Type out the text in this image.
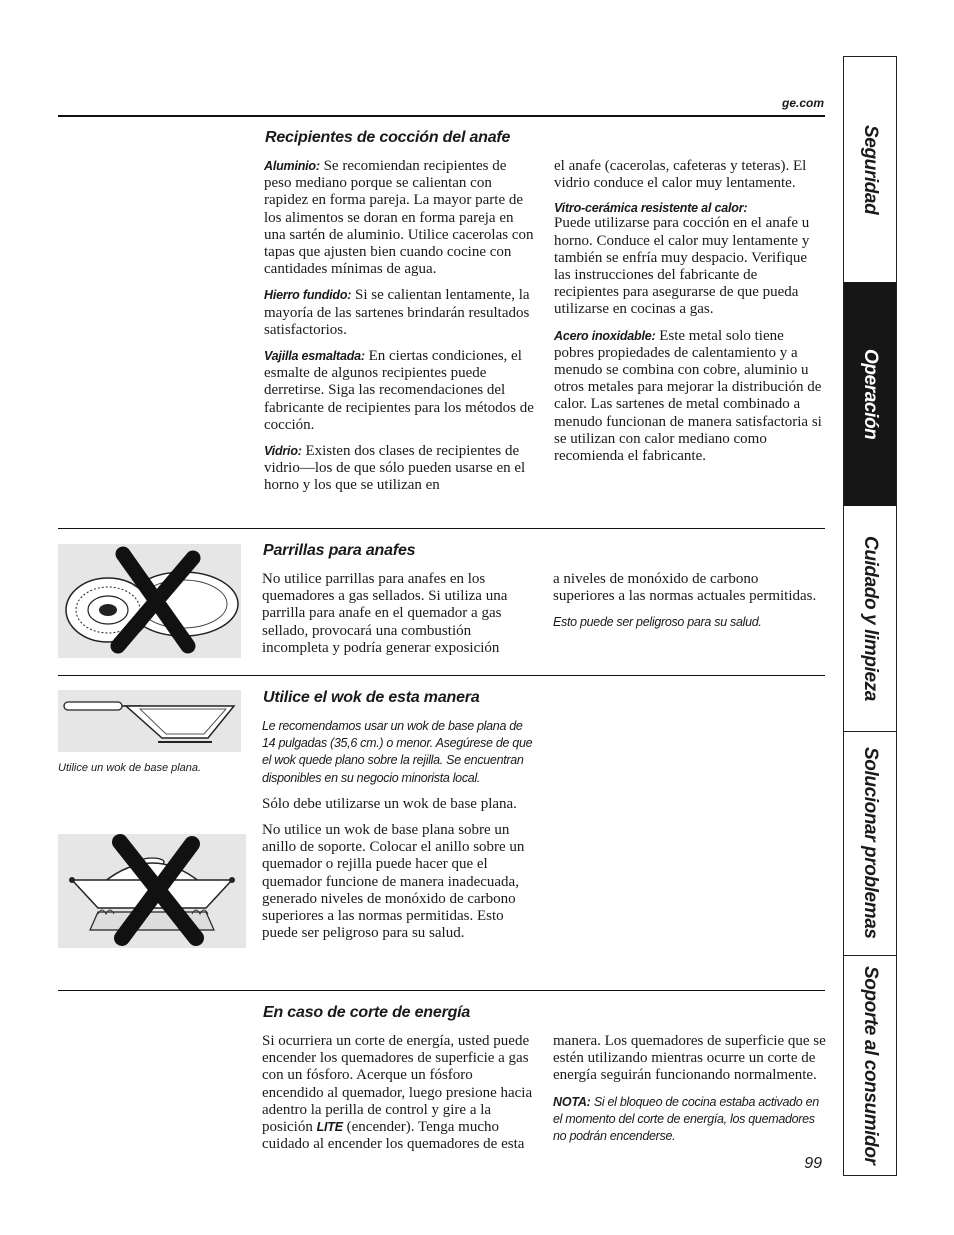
ge.com
Recipientes de cocción del anafe

Aluminio: Se recomiendan recipientes de peso mediano porque se calientan con rapidez en forma pareja. La mayor parte de los alimentos se doran en forma pareja en una sartén de aluminio. Utilice cacerolas con tapas que ajusten bien cuando cocine con cantidades mínimas de agua.

Hierro fundido: Si se calientan lentamente, la mayoría de las sartenes brindarán resultados satisfactorios.

Vajilla esmaltada: En ciertas condiciones, el esmalte de algunos recipientes puede derretirse. Siga las recomendaciones del fabricante de recipientes para los métodos de cocción.

Vidrio: Existen dos clases de recipientes de vidrio—los de que sólo pueden usarse en el horno y los que se utilizan en

el anafe (cacerolas, cafeteras y teteras). El vidrio conduce el calor muy lentamente.

Vitro-cerámica resistente al calor:
Puede utilizarse para cocción en el anafe u horno. Conduce el calor muy lentamente y también se enfría muy despacio. Verifique las instrucciones del fabricante de recipientes para asegurarse de que pueda utilizarse en cocinas a gas.

Acero inoxidable: Este metal solo tiene pobres propiedades de calentamiento y a menudo se combina con cobre, aluminio u otros metales para mejorar la distribución de calor. Las sartenes de metal combinado a menudo funcionan de manera satisfactoria si se utilizan con calor mediano como recomienda el fabricante.

Parrillas para anafes

No utilice parrillas para anafes en los quemadores a gas sellados. Si utiliza una parrilla para anafe en el quemador a gas sellado, provocará una combustión incompleta y podría generar exposición

a niveles de monóxido de carbono superiores a las normas actuales permitidas.

Esto puede ser peligroso para su salud.

Utilice un wok de base plana.
Utilice el wok de esta manera

Le recomendamos usar un wok de base plana de 14 pulgadas (35,6 cm.) o menor. Asegúrese de que el wok quede plano sobre la rejilla. Se encuentran disponibles en su negocio minorista local.

Sólo debe utilizarse un wok de base plana.

No utilice un wok de base plana sobre un anillo de soporte. Colocar el anillo sobre un quemador o rejilla puede hacer que el quemador funcione de manera inadecuada, generado niveles de monóxido de carbono superiores a las normas permitidas. Esto puede ser peligroso para su salud.

En caso de corte de energía

Si ocurriera un corte de energía, usted puede encender los quemadores de superficie a gas con un fósforo. Acerque un fósforo encendido al quemador, luego presione hacia adentro la perilla de control y gire a la posición LITE (encender). Tenga mucho cuidado al encender los quemadores de esta

manera. Los quemadores de superficie que se estén utilizando mientras ocurre un corte de energía seguirán funcionando normalmente.

NOTA: Si el bloqueo de cocina estaba activado en el momento del corte de energía, los quemadores no podrán encenderse.

99
Seguridad
Operación
Cuidado y limpieza
Solucionar problemas
Soporte al consumidor
